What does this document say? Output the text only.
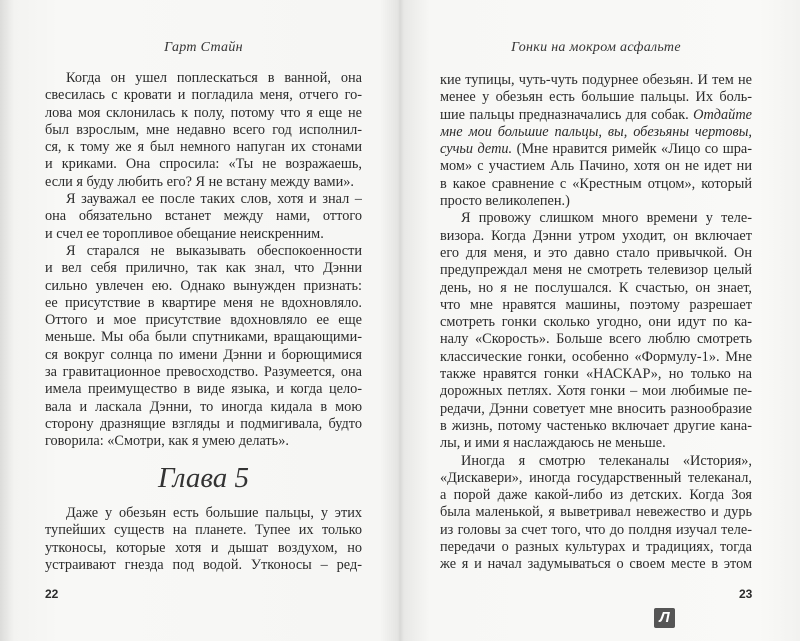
Гарт Стайн	Гонки на мокром асфальте
Когда он ушел поплескаться в ванной, она
свесилась с кровати и погладила меня, отчего го-
лова моя склонилась к полу, потому что я еще не
был взрослым, мне недавно всего год исполнил-
ся, к тому же я был немного напуган их стонами
и криками. Она спросила: «Ты не возражаешь,
если я буду любить его? Я не встану между вами».
Я зауважал ее после таких слов, хотя и знал –
она обязательно встанет между нами, оттого
и счел ее торопливое обещание неискренним.
Я старался не выказывать обеспокоенности
и вел себя прилично, так как знал, что Дэнни
сильно увлечен ею. Однако вынужден признать:
ее присутствие в квартире меня не вдохновляло.
Оттого и мое присутствие вдохновляло ее еще
меньше. Мы оба были спутниками, вращающими-
ся вокруг солнца по имени Дэнни и борющимися
за гравитационное превосходство. Разумеется, она
имела преимущество в виде языка, и когда цело-
вала и ласкала Дэнни, то иногда кидала в мою
сторону дразнящие взгляды и подмигивала, будто
говорила: «Смотри, как я умею делать».
Глава 5
Даже у обезьян есть большие пальцы, у этих
тупейших существ на планете. Тупее их только
утконосы, которые хотя и дышат воздухом, но
устраивают гнезда под водой. Утконосы – ред-
кие тупицы, чуть-чуть подурнее обезьян. И тем не
менее у обезьян есть большие пальцы. Их боль-
шие пальцы предназначались для собак. Отдайте
мне мои большие пальцы, вы, обезьяны чертовы,
сучьи дети. (Мне нравится римейк «Лицо со шра-
мом» с участием Аль Пачино, хотя он не идет ни
в какое сравнение с «Крестным отцом», который
просто великолепен.)
Я провожу слишком много времени у теле-
визора. Когда Дэнни утром уходит, он включает
его для меня, и это давно стало привычкой. Он
предупреждал меня не смотреть телевизор целый
день, но я не послушался. К счастью, он знает,
что мне нравятся машины, поэтому разрешает
смотреть гонки сколько угодно, они идут по ка-
налу «Скорость». Больше всего люблю смотреть
классические гонки, особенно «Формулу-1». Мне
также нравятся гонки «НАСКАР», но только на
дорожных петлях. Хотя гонки – мои любимые пе-
редачи, Дэнни советует мне вносить разнообразие
в жизнь, потому частенько включает другие кана-
лы, и ими я наслаждаюсь не меньше.
Иногда я смотрю телеканалы «История»,
«Дискавери», иногда государственный телеканал,
а порой даже какой-либо из детских. Когда Зоя
была маленькой, я выветривал невежество и дурь
из головы за счет того, что до полдня изучал теле-
передачи о разных культурах и традициях, тогда
же я и начал задумываться о своем месте в этом
22	23
Л
